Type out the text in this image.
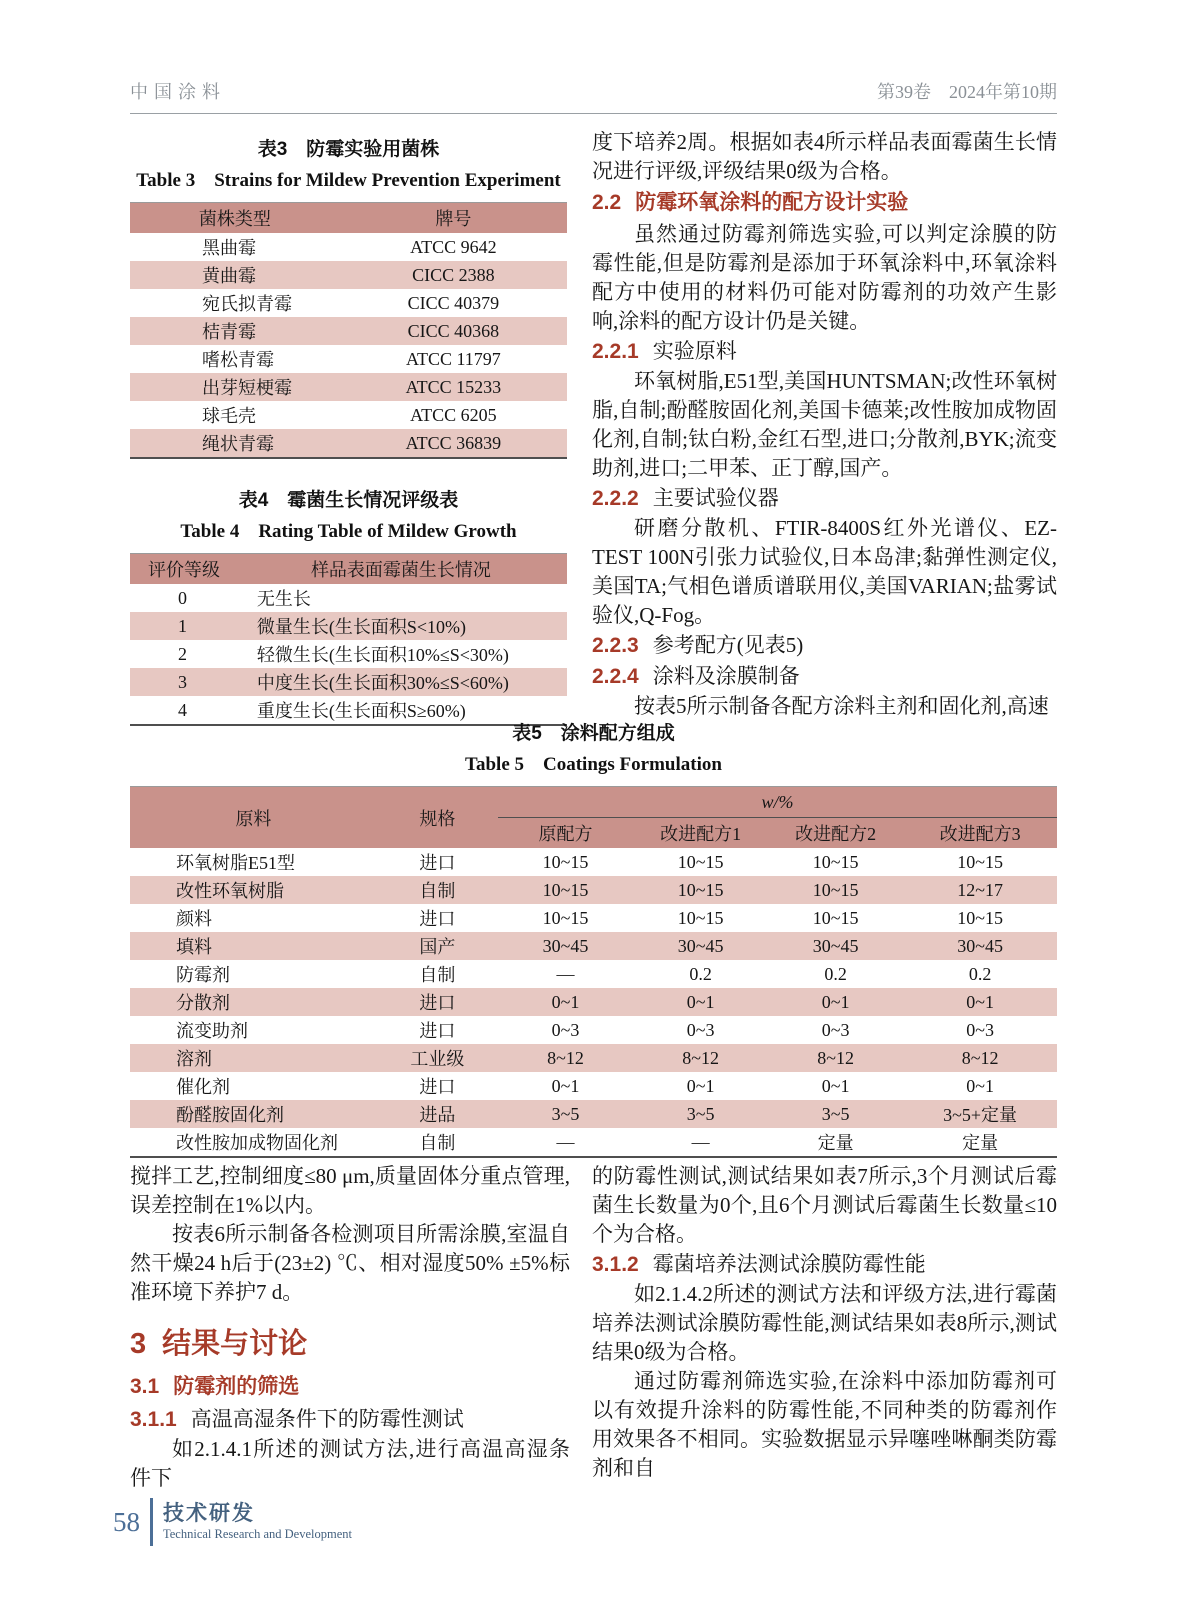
中国涂料	第39卷　2024年第10期

表3　防霉实验用菌株

Table 3　Strains for Mildew Prevention Experiment

菌株类型	牌号
黑曲霉	ATCC 9642
黄曲霉	CICC 2388
宛氏拟青霉	CICC 40379
桔青霉	CICC 40368
嗜松青霉	ATCC 11797
出芽短梗霉	ATCC 15233
球毛壳	ATCC 6205
绳状青霉	ATCC 36839

表4　霉菌生长情况评级表

Table 4　Rating Table of Mildew Growth

评价等级	样品表面霉菌生长情况
0	无生长
1	微量生长(生长面积S<10%)
2	轻微生长(生长面积10%≤S<30%)
3	中度生长(生长面积30%≤S<60%)
4	重度生长(生长面积S≥60%)

度下培养2周。根据如表4所示样品表面霉菌生长情况进行评级,评级结果0级为合格。

2.2 防霉环氧涂料的配方设计实验

虽然通过防霉剂筛选实验,可以判定涂膜的防霉性能,但是防霉剂是添加于环氧涂料中,环氧涂料配方中使用的材料仍可能对防霉剂的功效产生影响,涂料的配方设计仍是关键。

2.2.1 实验原料

环氧树脂,E51型,美国HUNTSMAN;改性环氧树脂,自制;酚醛胺固化剂,美国卡德莱;改性胺加成物固化剂,自制;钛白粉,金红石型,进口;分散剂,BYK;流变助剂,进口;二甲苯、正丁醇,国产。

2.2.2 主要试验仪器

研磨分散机、FTIR-8400S红外光谱仪、EZ-TEST 100N引张力试验仪,日本岛津;黏弹性测定仪,美国TA;气相色谱质谱联用仪,美国VARIAN;盐雾试验仪,Q-Fog。

2.2.3 参考配方(见表5)

2.2.4 涂料及涂膜制备

按表5所示制备各配方涂料主剂和固化剂,高速

表5　涂料配方组成

Table 5　Coatings Formulation

原料	规格	w/%			
		原配方	改进配方1	改进配方2	改进配方3
环氧树脂E51型	进口	10~15	10~15	10~15	10~15
改性环氧树脂	自制	10~15	10~15	10~15	12~17
颜料	进口	10~15	10~15	10~15	10~15
填料	国产	30~45	30~45	30~45	30~45
防霉剂	自制	—	0.2	0.2	0.2
分散剂	进口	0~1	0~1	0~1	0~1
流变助剂	进口	0~3	0~3	0~3	0~3
溶剂	工业级	8~12	8~12	8~12	8~12
催化剂	进口	0~1	0~1	0~1	0~1
酚醛胺固化剂	进品	3~5	3~5	3~5	3~5+定量
改性胺加成物固化剂	自制	—	—	定量	定量

搅拌工艺,控制细度≤80 μm,质量固体分重点管理,误差控制在1%以内。

按表6所示制备各检测项目所需涂膜,室温自然干燥24 h后于(23±2) ℃、相对湿度50% ±5%标准环境下养护7 d。

3 结果与讨论

3.1 防霉剂的筛选

3.1.1 高温高湿条件下的防霉性测试

如2.1.4.1所述的测试方法,进行高温高湿条件下

的防霉性测试,测试结果如表7所示,3个月测试后霉菌生长数量为0个,且6个月测试后霉菌生长数量≤10个为合格。

3.1.2 霉菌培养法测试涂膜防霉性能

如2.1.4.2所述的测试方法和评级方法,进行霉菌培养法测试涂膜防霉性能,测试结果如表8所示,测试结果0级为合格。

通过防霉剂筛选实验,在涂料中添加防霉剂可以有效提升涂料的防霉性能,不同种类的防霉剂作用效果各不相同。实验数据显示异噻唑啉酮类防霉剂和自

58 技术研发
Technical Research and Development
